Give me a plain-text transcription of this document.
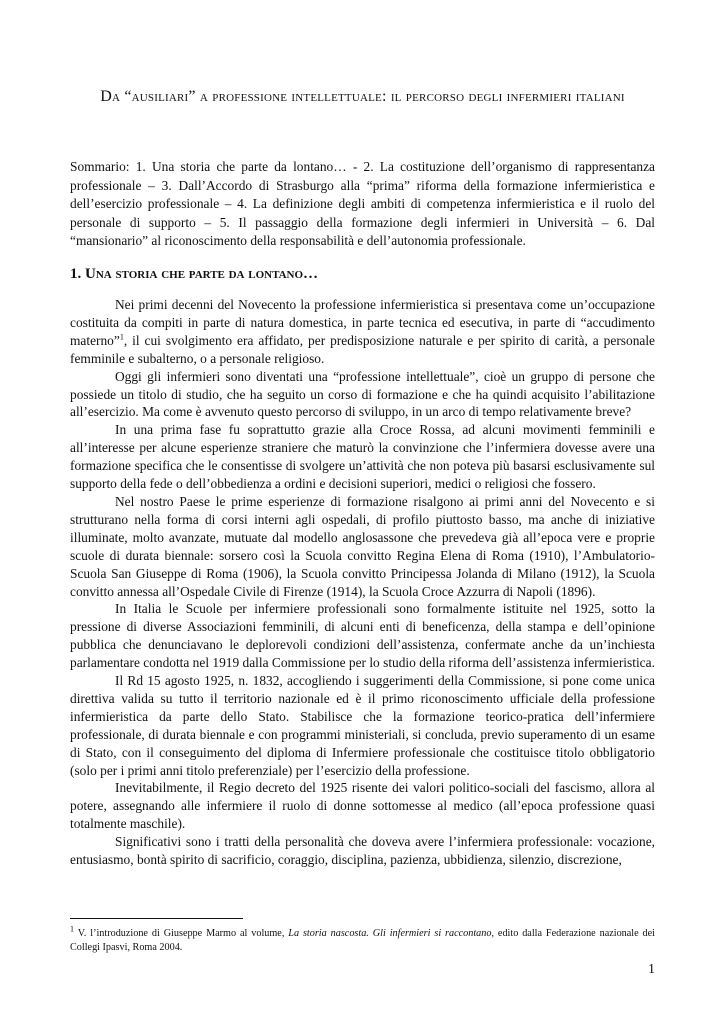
Da “ausiliari” a professione intellettuale: il percorso degli infermieri italiani

Sommario: 1. Una storia che parte da lontano… - 2. La costituzione dell’organismo di rappresentanza professionale – 3. Dall’Accordo di Strasburgo alla “prima” riforma della formazione infermieristica e dell’esercizio professionale – 4. La definizione degli ambiti di competenza infermieristica e il ruolo del personale di supporto – 5. Il passaggio della formazione degli infermieri in Università – 6. Dal “mansionario” al riconoscimento della responsabilità e dell’autonomia professionale.

1. Una storia che parte da lontano…

Nei primi decenni del Novecento la professione infermieristica si presentava come un’occupazione costituita da compiti in parte di natura domestica, in parte tecnica ed esecutiva, in parte di “accudimento materno”$^1$, il cui svolgimento era affidato, per predisposizione naturale e per spirito di carità, a personale femminile e subalterno, o a personale religioso.

Oggi gli infermieri sono diventati una “professione intellettuale”, cioè un gruppo di persone che possiede un titolo di studio, che ha seguito un corso di formazione e che ha quindi acquisito l’abilitazione all’esercizio. Ma come è avvenuto questo percorso di sviluppo, in un arco di tempo relativamente breve?

In una prima fase fu soprattutto grazie alla Croce Rossa, ad alcuni movimenti femminili e all’interesse per alcune esperienze straniere che maturò la convinzione che l’infermiera dovesse avere una formazione specifica che le consentisse di svolgere un’attività che non poteva più basarsi esclusivamente sul supporto della fede o dell’obbedienza a ordini e decisioni superiori, medici o religiosi che fossero.

Nel nostro Paese le prime esperienze di formazione risalgono ai primi anni del Novecento e si strutturano nella forma di corsi interni agli ospedali, di profilo piuttosto basso, ma anche di iniziative illuminate, molto avanzate, mutuate dal modello anglosassone che prevedeva già all’epoca vere e proprie scuole di durata biennale: sorsero così la Scuola convitto Regina Elena di Roma (1910), l’Ambulatorio-Scuola San Giuseppe di Roma (1906), la Scuola convitto Principessa Jolanda di Milano (1912), la Scuola convitto annessa all’Ospedale Civile di Firenze (1914), la Scuola Croce Azzurra di Napoli (1896).

In Italia le Scuole per infermiere professionali sono formalmente istituite nel 1925, sotto la pressione di diverse Associazioni femminili, di alcuni enti di beneficenza, della stampa e dell’opinione pubblica che denunciavano le deplorevoli condizioni dell’assistenza, confermate anche da un’inchiesta parlamentare condotta nel 1919 dalla Commissione per lo studio della riforma dell’assistenza infermieristica.

Il Rd 15 agosto 1925, n. 1832, accogliendo i suggerimenti della Commissione, si pone come unica direttiva valida su tutto il territorio nazionale ed è il primo riconoscimento ufficiale della professione infermieristica da parte dello Stato. Stabilisce che la formazione teorico-pratica dell’infermiere professionale, di durata biennale e con programmi ministeriali, si concluda, previo superamento di un esame di Stato, con il conseguimento del diploma di Infermiere professionale che costituisce titolo obbligatorio (solo per i primi anni titolo preferenziale) per l’esercizio della professione.

Inevitabilmente, il Regio decreto del 1925 risente dei valori politico-sociali del fascismo, allora al potere, assegnando alle infermiere il ruolo di donne sottomesse al medico (all’epoca professione quasi totalmente maschile).

Significativi sono i tratti della personalità che doveva avere l’infermiera professionale: vocazione, entusiasmo, bontà spirito di sacrificio, coraggio, disciplina, pazienza, ubbidienza, silenzio, discrezione,

$^1$ V. l’introduzione di Giuseppe Marmo al volume, La storia nascosta. Gli infermieri si raccontano, edito dalla Federazione nazionale dei Collegi Ipasvi, Roma 2004.

1
